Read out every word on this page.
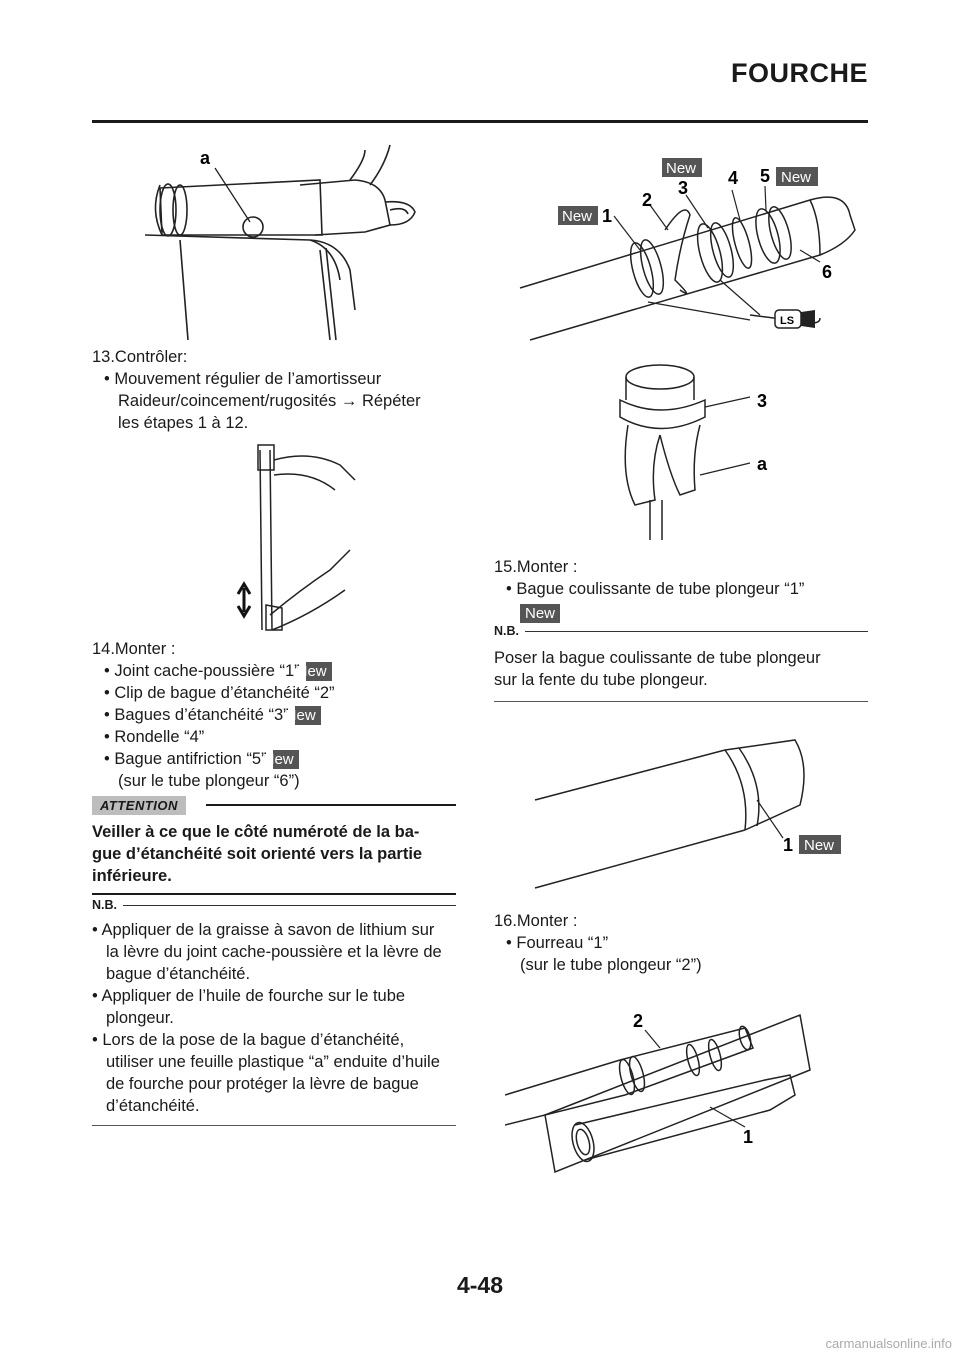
FOURCHE
a

13.Contrôler:

• Mouvement régulier de l’amortisseur

Raideur/coincement/rugosités → Répéter

les étapes 1 à 12.

14.Monter :

• Joint cache-poussière “1”New

• Clip de bague d’étanchéité “2”

• Bagues d’étanchéité “3”New

• Rondelle “4”

• Bague antifriction “5”New

(sur le tube plongeur “6”)

ATTENTION
Veiller à ce que le côté numéroté de la ba-
gue d’étanchéité soit orienté vers la partie
inférieure.
N.B.
• Appliquer de la graisse à savon de lithium sur
la lèvre du joint cache-poussière et la lèvre de
bague d’étanchéité.
• Appliquer de l’huile de fourche sur le tube
plongeur.
• Lors de la pose de la bague d’étanchéité,
utiliser une feuille plastique “a” enduite d’huile
de fourche pour protéger la lèvre de bague
d’étanchéité.
LS
New 1
2
New
3 4 5 New
6
3
a

15.Monter :

• Bague coulissante de tube plongeur “1”

New

N.B.
Poser la bague coulissante de tube plongeur
sur la fente du tube plongeur.
1 New

16.Monter :

• Fourreau “1”

(sur le tube plongeur “2”)

2
1
4-48
carmanualsonline.info
